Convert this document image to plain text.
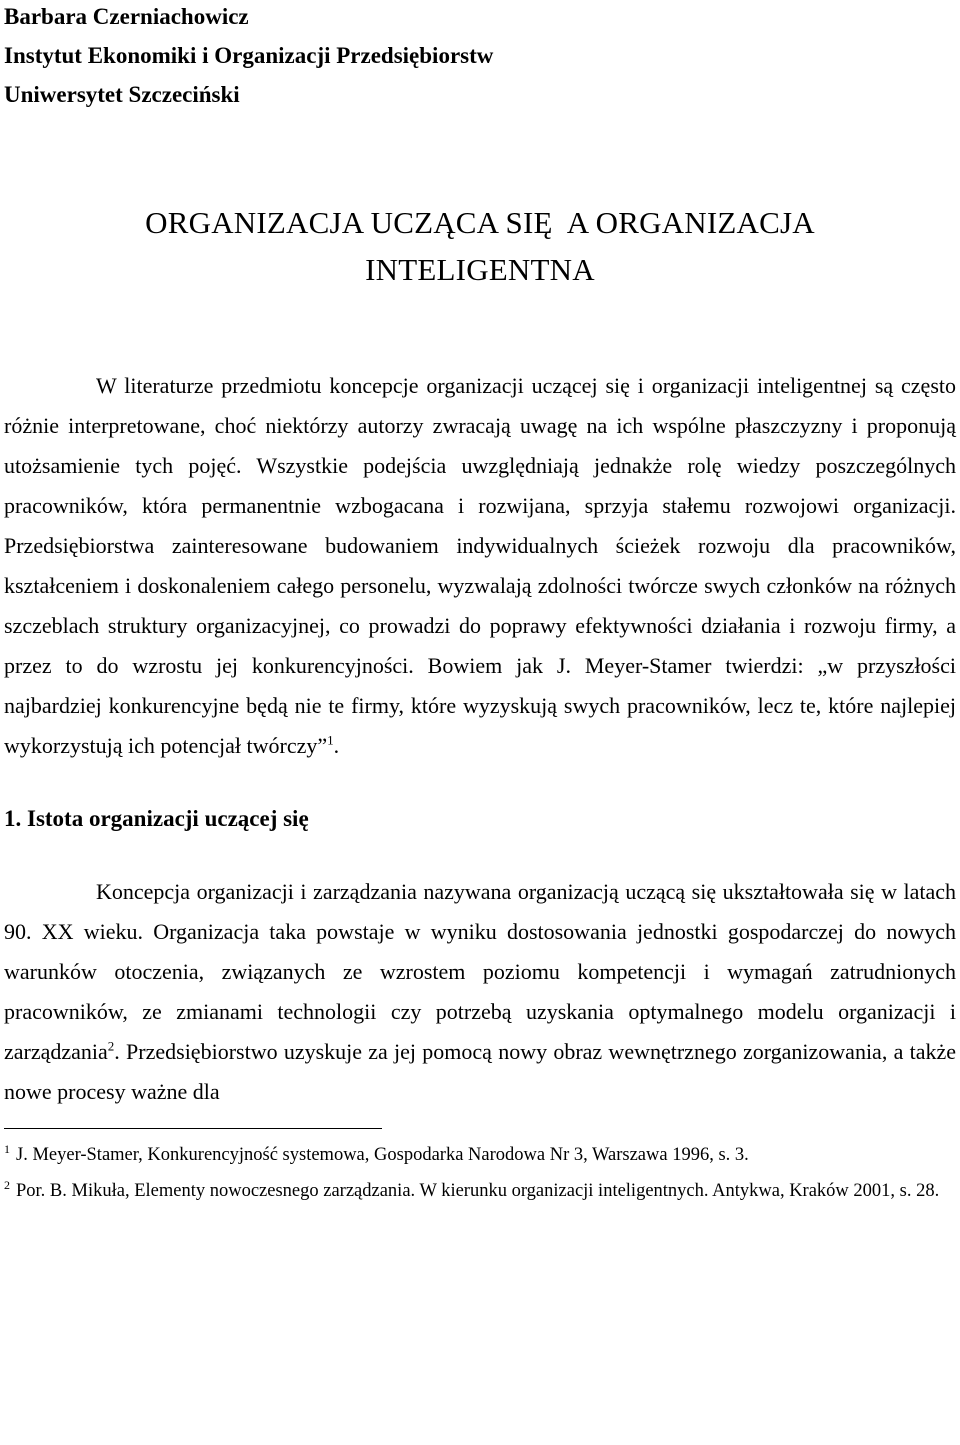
Barbara Czerniachowicz
Instytut Ekonomiki i Organizacji Przedsiębiorstw
Uniwersytet Szczeciński
ORGANIZACJA UCZĄCA SIĘ  A ORGANIZACJA
INTELIGENTNA

W literaturze przedmiotu koncepcje organizacji uczącej się i organizacji inteligentnej są często różnie interpretowane, choć niektórzy autorzy zwracają uwagę na ich wspólne płaszczyzny i proponują utożsamienie tych pojęć. Wszystkie podejścia uwzględniają jednakże rolę wiedzy poszczególnych pracowników, która permanentnie wzbogacana i rozwijana, sprzyja stałemu rozwojowi organizacji. Przedsiębiorstwa zainteresowane budowaniem indywidualnych ścieżek rozwoju dla pracowników, kształceniem i doskonaleniem całego personelu, wyzwalają zdolności twórcze swych członków na różnych szczeblach struktury organizacyjnej, co prowadzi do poprawy efektywności działania i rozwoju firmy, a przez to do wzrostu jej konkurencyjności. Bowiem jak J. Meyer-Stamer twierdzi: „w przyszłości najbardziej konkurencyjne będą nie te firmy, które wyzyskują swych pracowników, lecz te, które najlepiej wykorzystują ich potencjał twórczy”$^1$.

1. Istota organizacji uczącej się

Koncepcja organizacji i zarządzania nazywana organizacją uczącą się ukształtowała się w latach 90. XX wieku. Organizacja taka powstaje w wyniku dostosowania jednostki gospodarczej do nowych warunków otoczenia, związanych ze wzrostem poziomu kompetencji i wymagań zatrudnionych pracowników, ze zmianami technologii czy potrzebą uzyskania optymalnego modelu organizacji i zarządzania$^2$. Przedsiębiorstwo uzyskuje za jej pomocą nowy obraz wewnętrznego zorganizowania, a także nowe procesy ważne dla

$^1$ J. Meyer-Stamer, Konkurencyjność systemowa, Gospodarka Narodowa Nr 3, Warszawa 1996, s. 3.

$^2$ Por. B. Mikuła, Elementy nowoczesnego zarządzania. W kierunku organizacji inteligentnych. Antykwa, Kraków 2001, s. 28.
